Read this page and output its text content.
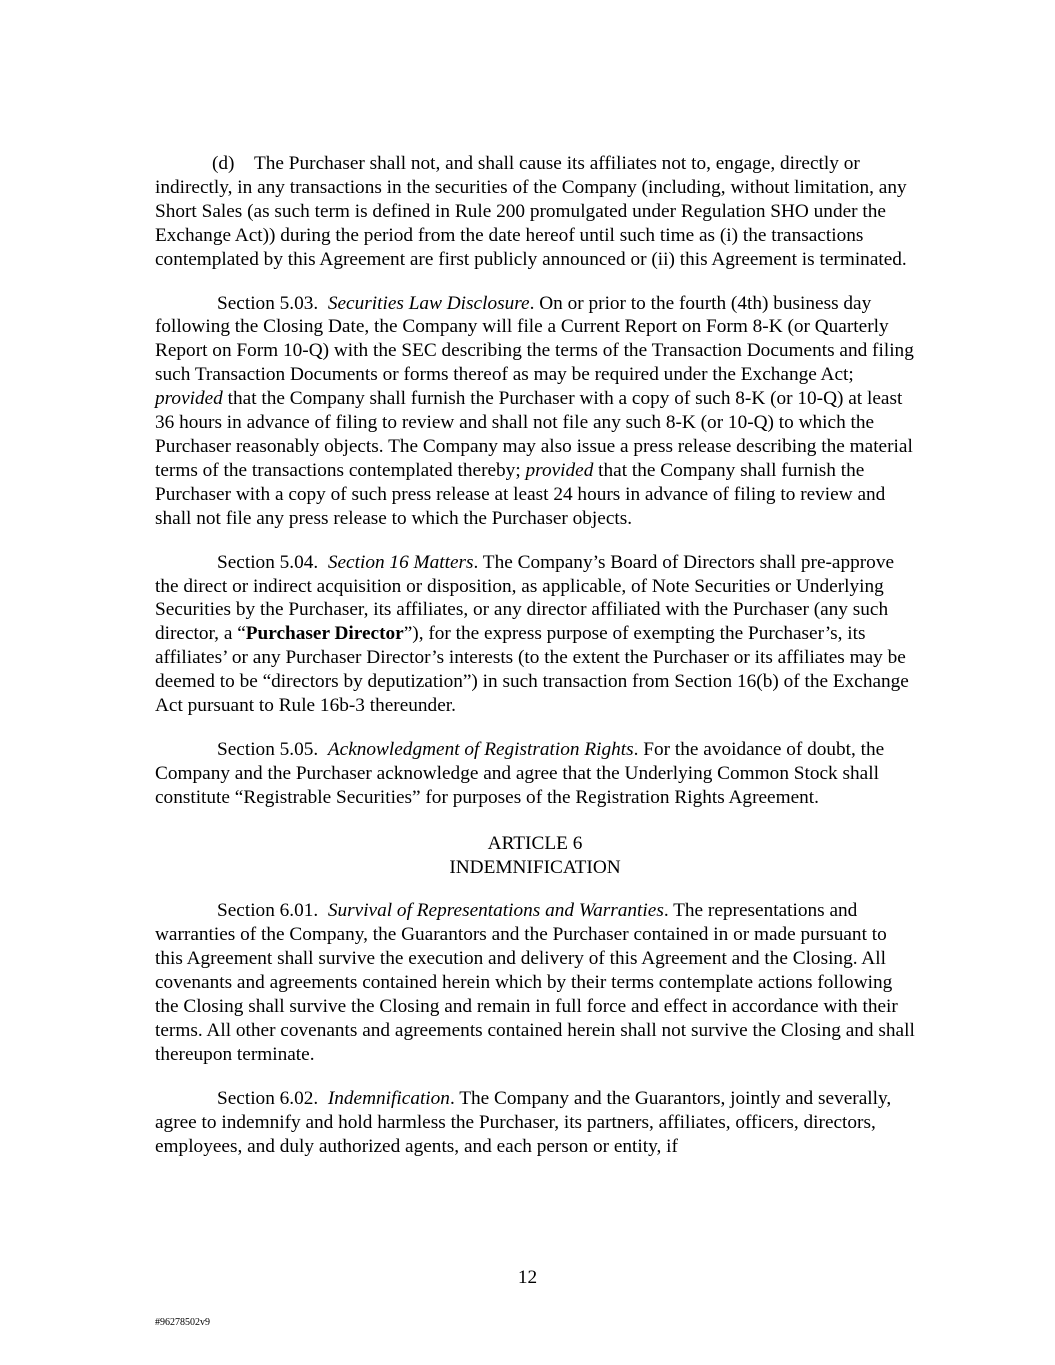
(d) The Purchaser shall not, and shall cause its affiliates not to, engage, directly or indirectly, in any transactions in the securities of the Company (including, without limitation, any Short Sales (as such term is defined in Rule 200 promulgated under Regulation SHO under the Exchange Act)) during the period from the date hereof until such time as (i) the transactions contemplated by this Agreement are first publicly announced or (ii) this Agreement is terminated.

Section 5.03. Securities Law Disclosure. On or prior to the fourth (4th) business day following the Closing Date, the Company will file a Current Report on Form 8-K (or Quarterly Report on Form 10-Q) with the SEC describing the terms of the Transaction Documents and filing such Transaction Documents or forms thereof as may be required under the Exchange Act; provided that the Company shall furnish the Purchaser with a copy of such 8-K (or 10-Q) at least 36 hours in advance of filing to review and shall not file any such 8-K (or 10-Q) to which the Purchaser reasonably objects. The Company may also issue a press release describing the material terms of the transactions contemplated thereby; provided that the Company shall furnish the Purchaser with a copy of such press release at least 24 hours in advance of filing to review and shall not file any press release to which the Purchaser objects.

Section 5.04. Section 16 Matters. The Company’s Board of Directors shall pre-approve the direct or indirect acquisition or disposition, as applicable, of Note Securities or Underlying Securities by the Purchaser, its affiliates, or any director affiliated with the Purchaser (any such director, a “Purchaser Director”), for the express purpose of exempting the Purchaser’s, its affiliates’ or any Purchaser Director’s interests (to the extent the Purchaser or its affiliates may be deemed to be “directors by deputization”) in such transaction from Section 16(b) of the Exchange Act pursuant to Rule 16b-3 thereunder.

Section 5.05. Acknowledgment of Registration Rights. For the avoidance of doubt, the Company and the Purchaser acknowledge and agree that the Underlying Common Stock shall constitute “Registrable Securities” for purposes of the Registration Rights Agreement.

ARTICLE 6
INDEMNIFICATION

Section 6.01. Survival of Representations and Warranties. The representations and warranties of the Company, the Guarantors and the Purchaser contained in or made pursuant to this Agreement shall survive the execution and delivery of this Agreement and the Closing. All covenants and agreements contained herein which by their terms contemplate actions following the Closing shall survive the Closing and remain in full force and effect in accordance with their terms. All other covenants and agreements contained herein shall not survive the Closing and shall thereupon terminate.

Section 6.02. Indemnification. The Company and the Guarantors, jointly and severally, agree to indemnify and hold harmless the Purchaser, its partners, affiliates, officers, directors, employees, and duly authorized agents, and each person or entity, if

12
#96278502v9
